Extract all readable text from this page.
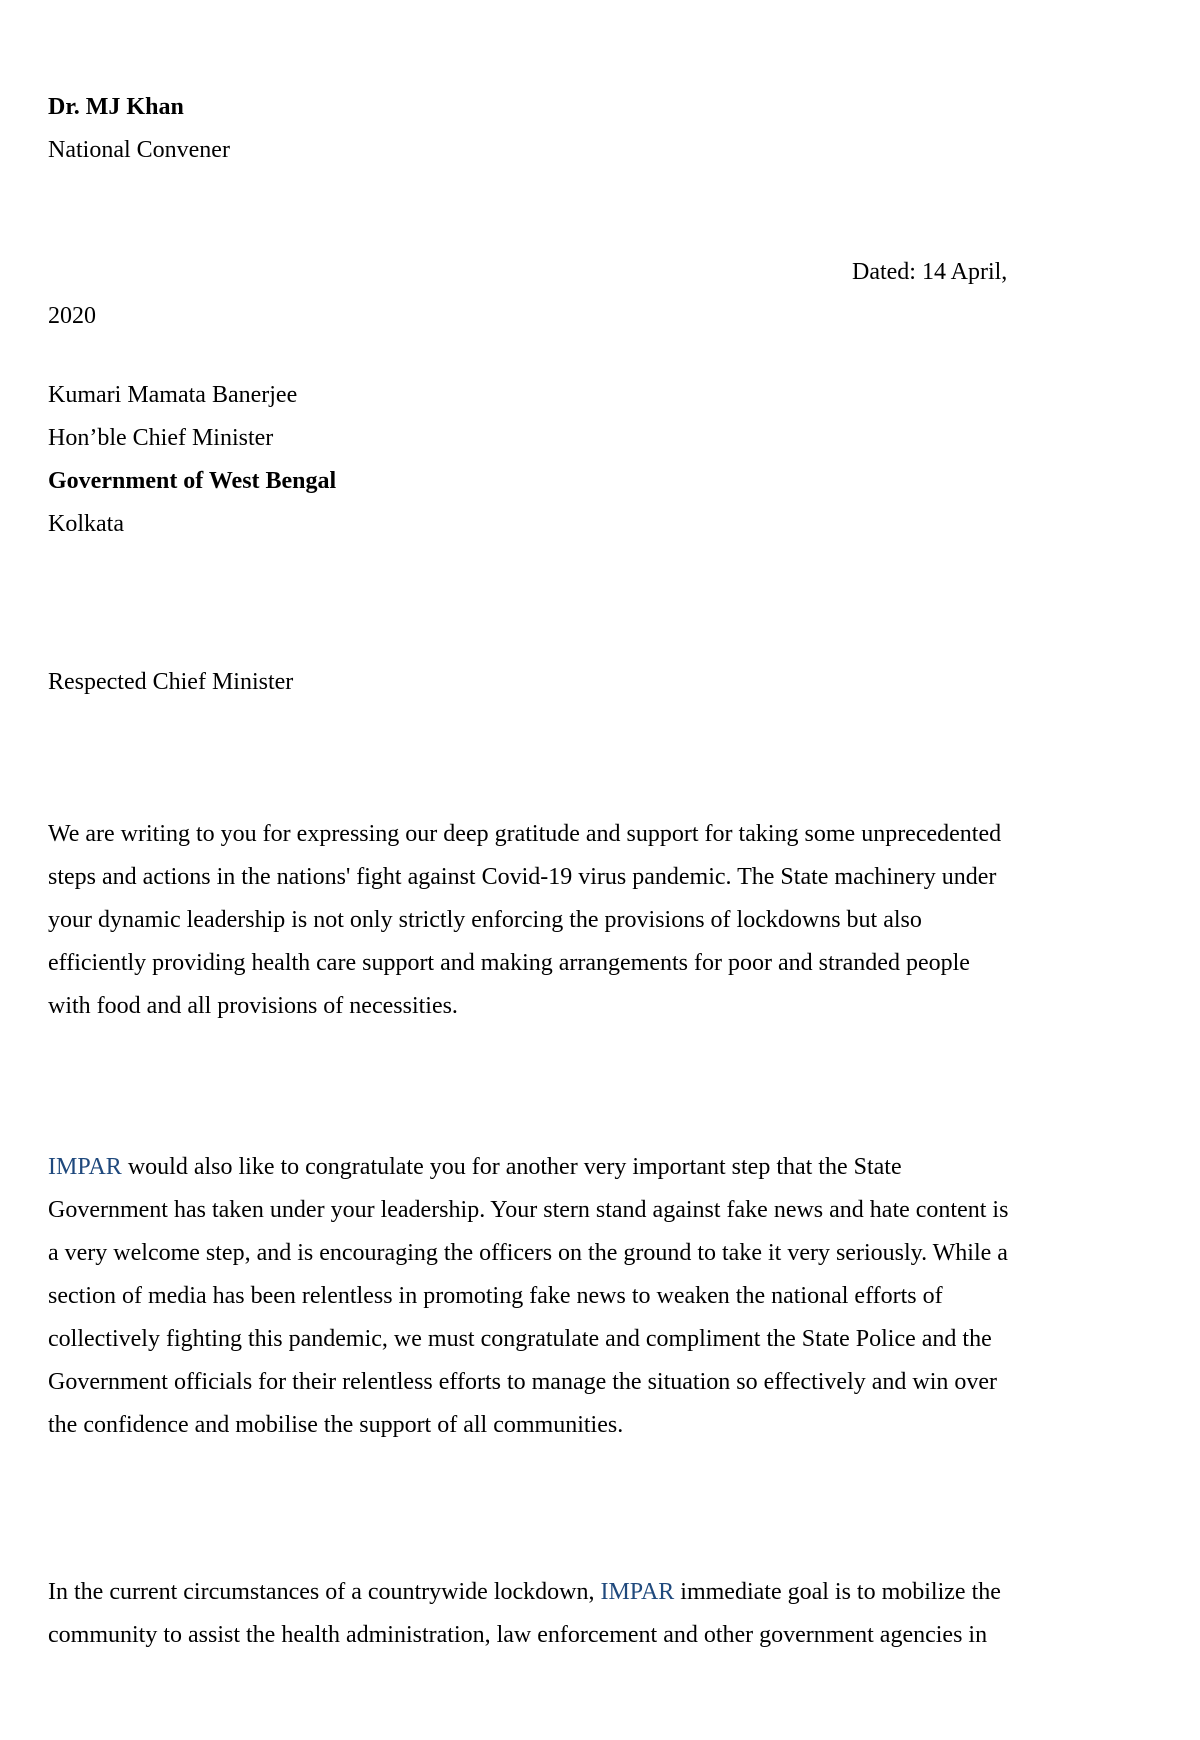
Dr. MJ Khan
National Convener
Dated: 14 April,
2020
Kumari Mamata Banerjee
Hon’ble Chief Minister
Government of West Bengal
Kolkata
Respected Chief Minister
We are writing to you for expressing our deep gratitude and support for taking some unprecedented
steps and actions in the nations' fight against Covid-19 virus pandemic. The State machinery under
your dynamic leadership is not only strictly enforcing the provisions of lockdowns but also
efficiently providing health care support and making arrangements for poor and stranded people
with food and all provisions of necessities.
IMPAR would also like to congratulate you for another very important step that the State
Government has taken under your leadership. Your stern stand against fake news and hate content is
a very welcome step, and is encouraging the officers on the ground to take it very seriously. While a
section of media has been relentless in promoting fake news to weaken the national efforts of
collectively fighting this pandemic, we must congratulate and compliment the State Police and the
Government officials for their relentless efforts to manage the situation so effectively and win over
the confidence and mobilise the support of all communities.
In the current circumstances of a countrywide lockdown, IMPAR immediate goal is to mobilize the
community to assist the health administration, law enforcement and other government agencies in
